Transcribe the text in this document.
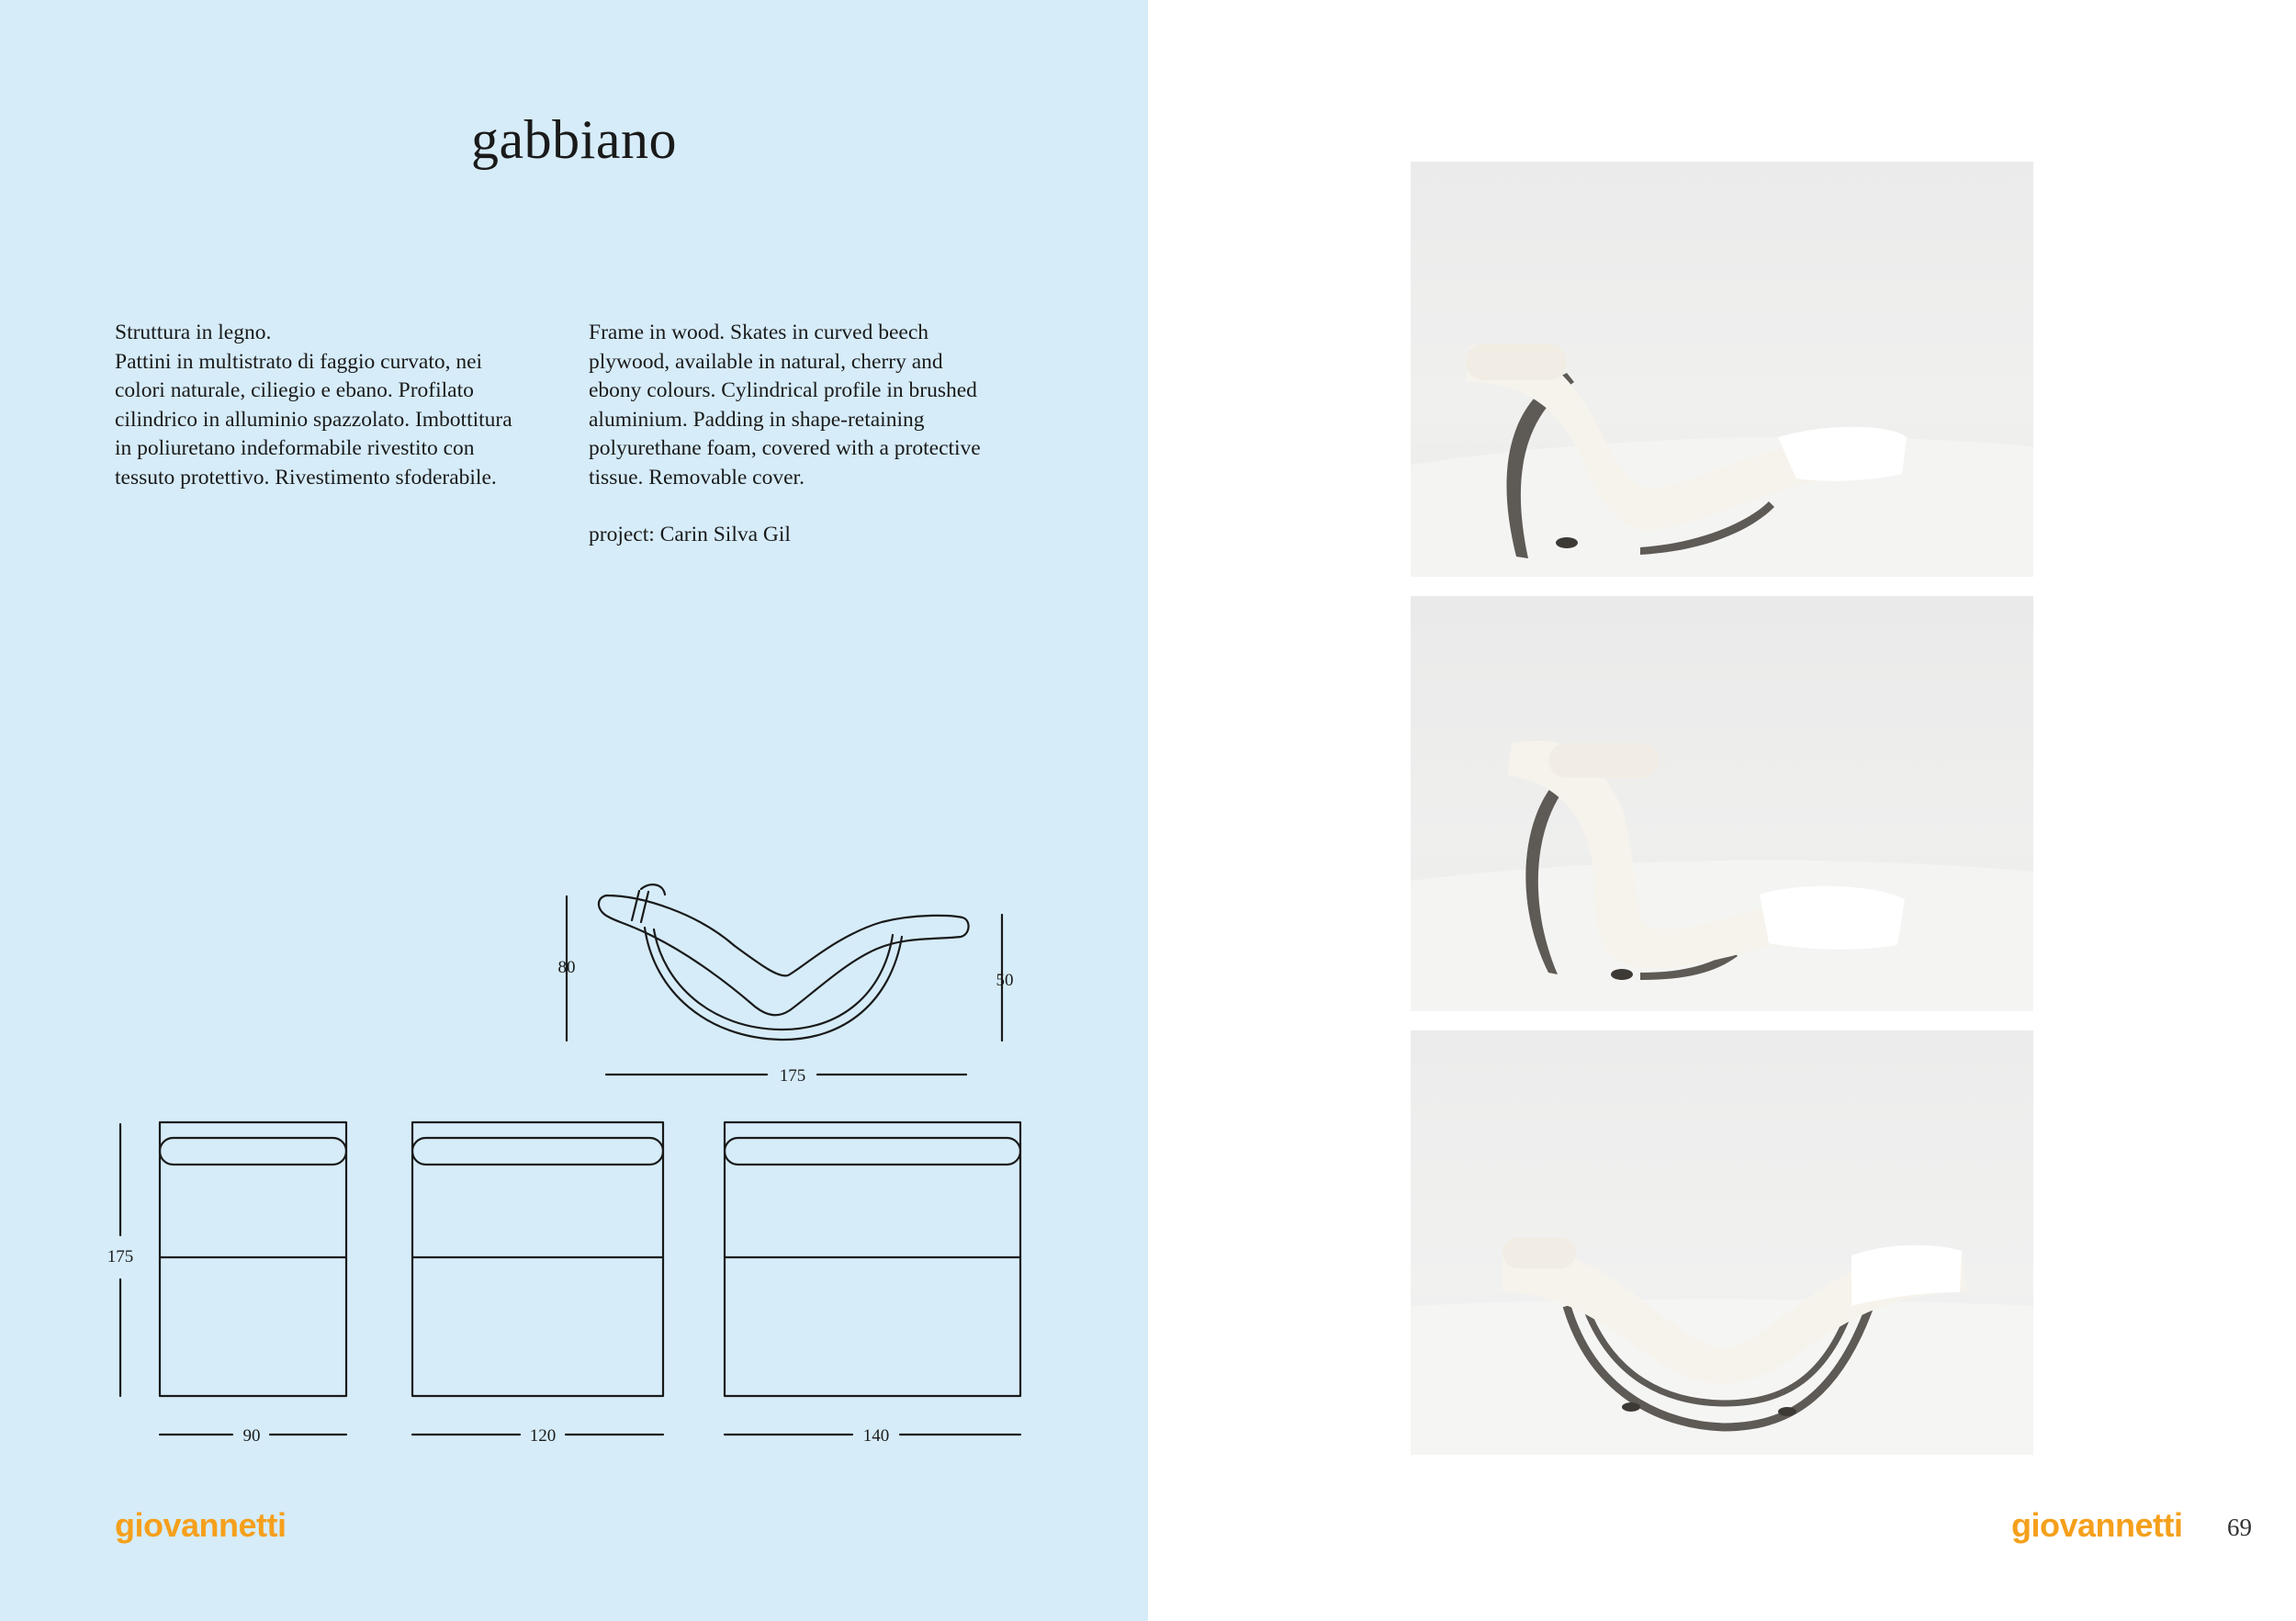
gabbiano
Struttura in legno.
Pattini in multistrato di faggio curvato, nei
colori naturale, ciliegio e ebano. Profilato
cilindrico in alluminio spazzolato. Imbottitura
in poliuretano indeformabile rivestito con
tessuto protettivo. Rivestimento sfoderabile.
Frame in wood. Skates in curved beech
plywood, available in natural, cherry and
ebony colours. Cylindrical profile in brushed
aluminium. Padding in shape-retaining
polyurethane foam, covered with a protective
tissue. Removable cover.
project: Carin Silva Gil
80
50
175
175
90	120	140
giovannetti	giovannetti 69
